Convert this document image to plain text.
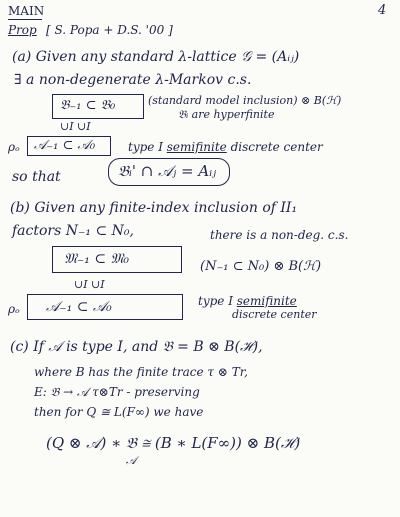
MAIN	4
Prop [ S. Popa + D.S. '00 ]
(a) Given any standard λ-lattice 𝒢 = (Aᵢⱼ)
∃ a non-degenerate λ-Markov c.s.
𝔅₋₁ ⊂ 𝔅₀	(standard model inclusion) ⊗ B(ℋ)
𝔅ᵢ are hyperfinite
∪I ∪I
ρₒ 𝒜₋₁ ⊂ 𝒜₀	type I semifinite discrete center
so that	𝔅ᵢ' ∩ 𝒜ⱼ = Aᵢⱼ
(b) Given any finite-index inclusion of II₁
factors N₋₁ ⊂ N₀,	there is a non-deg. c.s.
𝔐₋₁ ⊂ 𝔐₀	(N₋₁ ⊂ N₀) ⊗ B(ℋ)
∪I ∪I
ρₒ 𝒜₋₁ ⊂ 𝒜₀	type I semifinite
discrete center
(c) If 𝒜 is type I, and 𝔅 = B ⊗ B(ℋ),
where B has the finite trace τ ⊗ Tr,
E: 𝔅 → 𝒜 τ⊗Tr - preserving
then for Q ≅ L(F∞) we have
(Q ⊗ 𝒜) ∗ 𝔅 ≅ (B ∗ L(F∞)) ⊗ B(ℋ)
𝒜
